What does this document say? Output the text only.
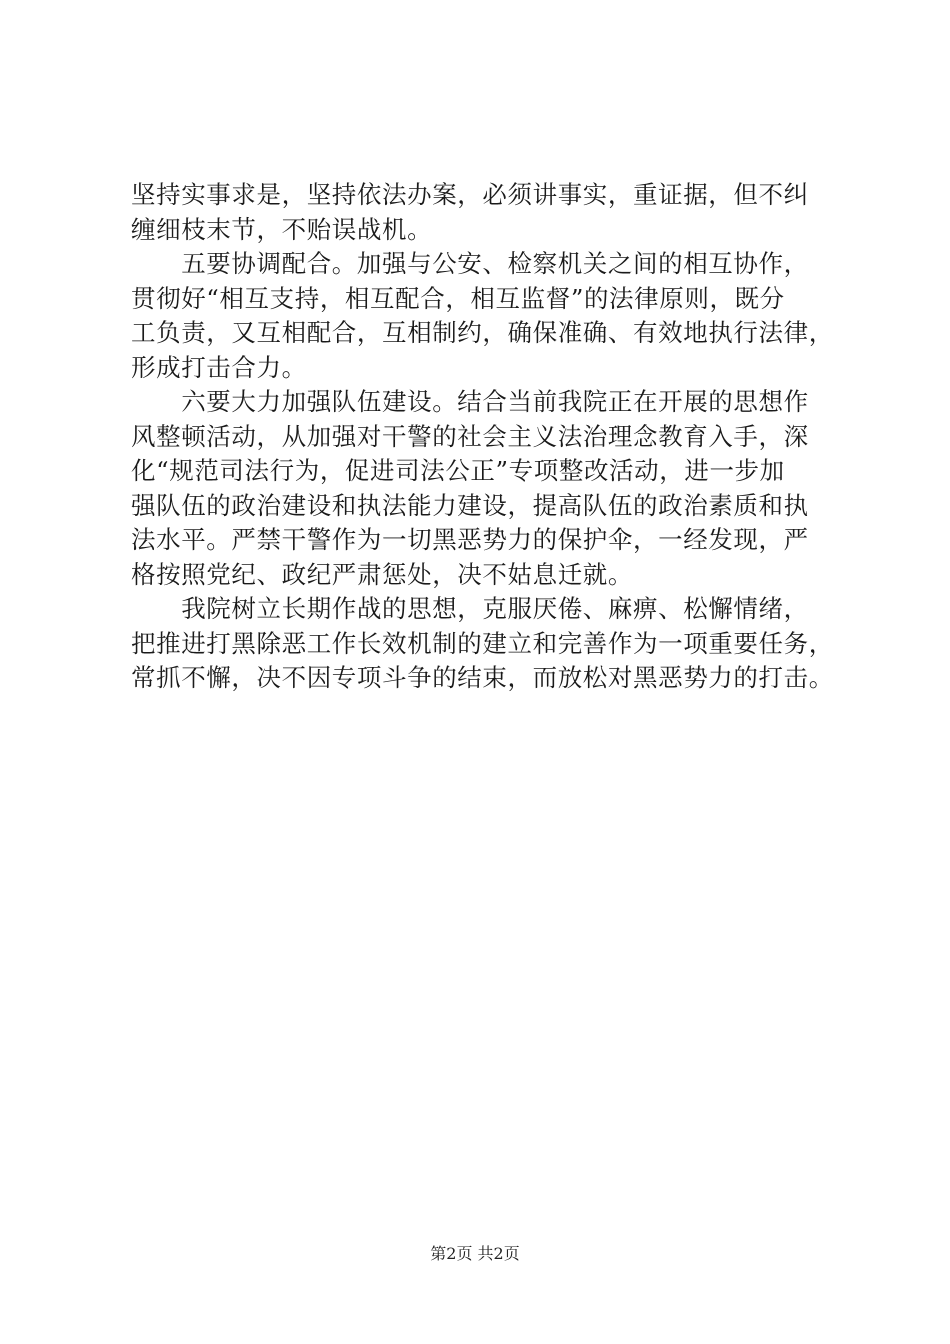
坚持实事求是，坚持依法办案，必须讲事实，重证据，但不纠
缠细枝末节，不贻误战机。
　　五要协调配合。加强与公安、检察机关之间的相互协作，
贯彻好“相互支持，相互配合，相互监督”的法律原则，既分
工负责，又互相配合，互相制约，确保准确、有效地执行法律，
形成打击合力。
　　六要大力加强队伍建设。结合当前我院正在开展的思想作
风整顿活动，从加强对干警的社会主义法治理念教育入手，深
化“规范司法行为，促进司法公正”专项整改活动，进一步加
强队伍的政治建设和执法能力建设，提高队伍的政治素质和执
法水平。严禁干警作为一切黑恶势力的保护伞，一经发现，严
格按照党纪、政纪严肃惩处，决不姑息迁就。
　　我院树立长期作战的思想，克服厌倦、麻痹、松懈情绪，
把推进打黑除恶工作长效机制的建立和完善作为一项重要任务，
常抓不懈，决不因专项斗争的结束，而放松对黑恶势力的打击。
第2页 共2页
